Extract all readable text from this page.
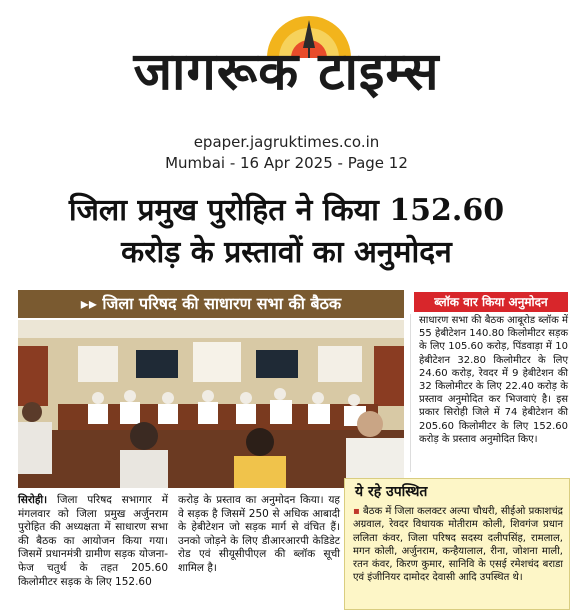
जागरूक टाइम्स
epaper.jagruktimes.co.in
Mumbai - 16 Apr 2025 - Page 12
जिला प्रमुख पुरोहित ने किया 152.60
करोड़ के प्रस्तावों का अनुमोदन
▸▸ जिला परिषद की साधारण सभा की बैठक	ब्लॉक वार किया अनुमोदन
साधारण सभा की बैठक आबूरोड ब्लॉक में 55 हेबीटेशन 140.80 किलोमीटर सड़क के लिए 105.60 करोड़, पिंडवाड़ा में 10 हेबीटेशन 32.80 किलोमीटर के लिए 24.60 करोड़, रेवदर में 9 हेबीटेशन की 32 किलोमीटर के लिए 22.40 करोड़ के प्रस्ताव अनुमोदित कर भिजवाएं है। इस प्रकार सिरोही जिले में 74 हेबीटेशन की 205.60 किलोमीटर के लिए 152.60 करोड़ के प्रस्ताव अनुमोदित किए।
सिरोही। जिला परिषद सभागार में मंगलवार को जिला प्रमुख अर्जुनराम पुरोहित की अध्यक्षता में साधारण सभा की बैठक का आयोजन किया गया। जिसमें प्रधानमंत्री ग्रामीण सड़क योजना- फेज चतुर्थ के तहत 205.60 किलोमीटर सड़क के लिए 152.60
करोड़ के प्रस्ताव का अनुमोदन किया। यह वे सड़क है जिसमें 250 से अधिक आबादी के हेबीटेशन जो सड़क मार्ग से वंचित हैं। उनको जोड़ने के लिए डीआरआरपी केडिडेट रोड एवं सीयूसीपीएल की ब्लॉक सूची शामिल है।
ये रहे उपस्थित
▪ बैठक में जिला कलक्टर अल्पा चौधरी, सीईओ प्रकाशचंद्र अग्रवाल, रेवदर विधायक मोतीराम कोली, शिवगंज प्रधान ललिता कंवर, जिला परिषद सदस्य दलीपसिंह, रामलाल, मगन कोली, अर्जुनराम, कन्हैयालाल, रीना, जोशना माली, रतन कंवर, किरण कुमार, सानिवि के एसई रमेशचंद बराडा एवं इंजीनियर दामोदर देवासी आदि उपस्थित थे।
